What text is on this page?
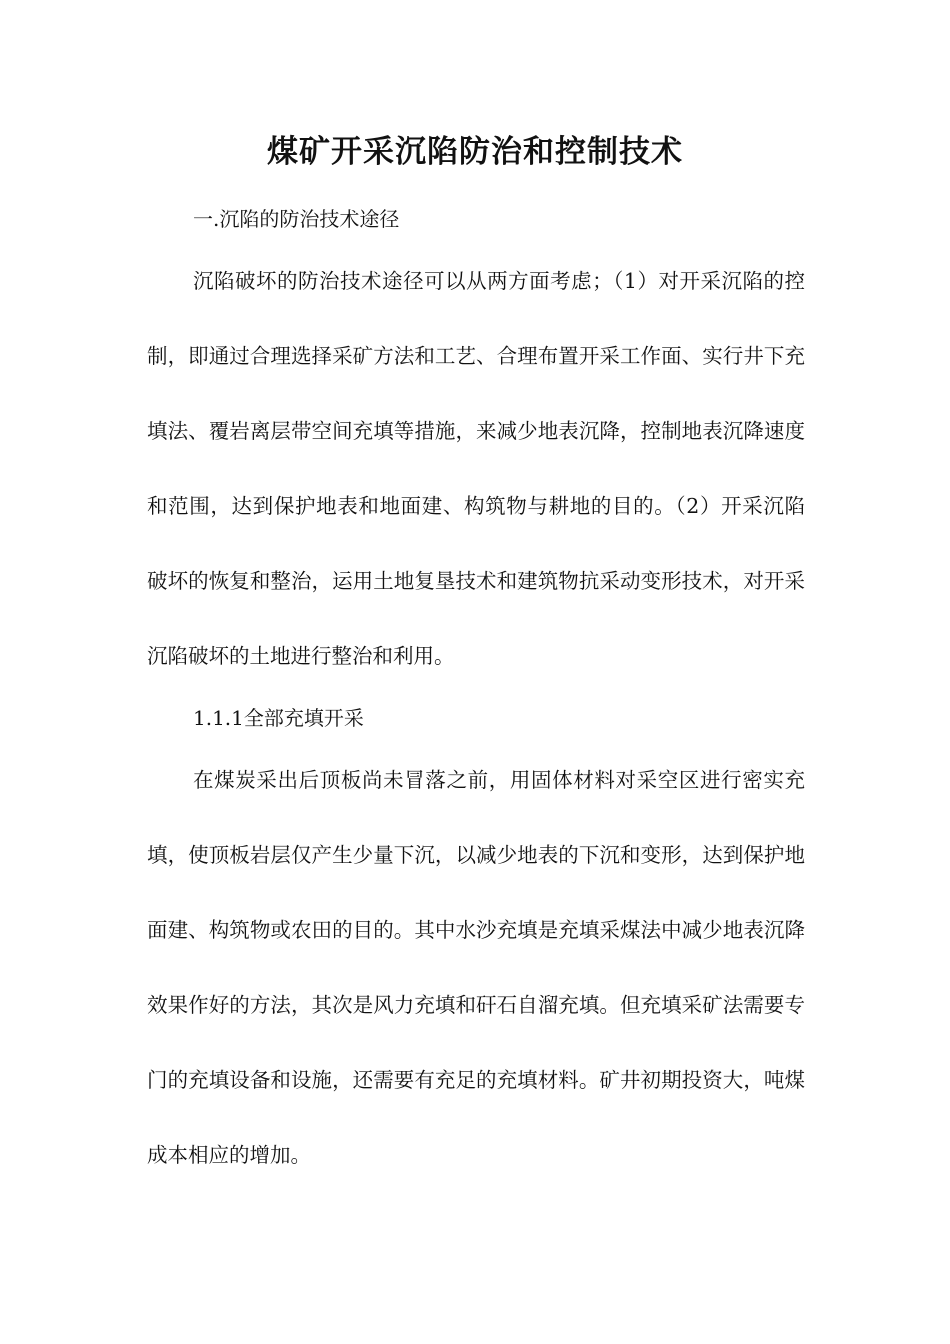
煤矿开采沉陷防治和控制技术

一.沉陷的防治技术途径

沉陷破坏的防治技术途径可以从两方面考虑；（1）对开采沉陷的控制，即通过合理选择采矿方法和工艺、合理布置开采工作面、实行井下充填法、覆岩离层带空间充填等措施，来减少地表沉降，控制地表沉降速度和范围，达到保护地表和地面建、构筑物与耕地的目的。（2）开采沉陷破坏的恢复和整治，运用土地复垦技术和建筑物抗采动变形技术，对开采沉陷破坏的土地进行整治和利用。

1.1.1全部充填开采

在煤炭采出后顶板尚未冒落之前，用固体材料对采空区进行密实充填，使顶板岩层仅产生少量下沉，以减少地表的下沉和变形，达到保护地面建、构筑物或农田的目的。其中水沙充填是充填采煤法中减少地表沉降效果作好的方法，其次是风力充填和矸石自溜充填。但充填采矿法需要专门的充填设备和设施，还需要有充足的充填材料。矿井初期投资大，吨煤成本相应的增加。
